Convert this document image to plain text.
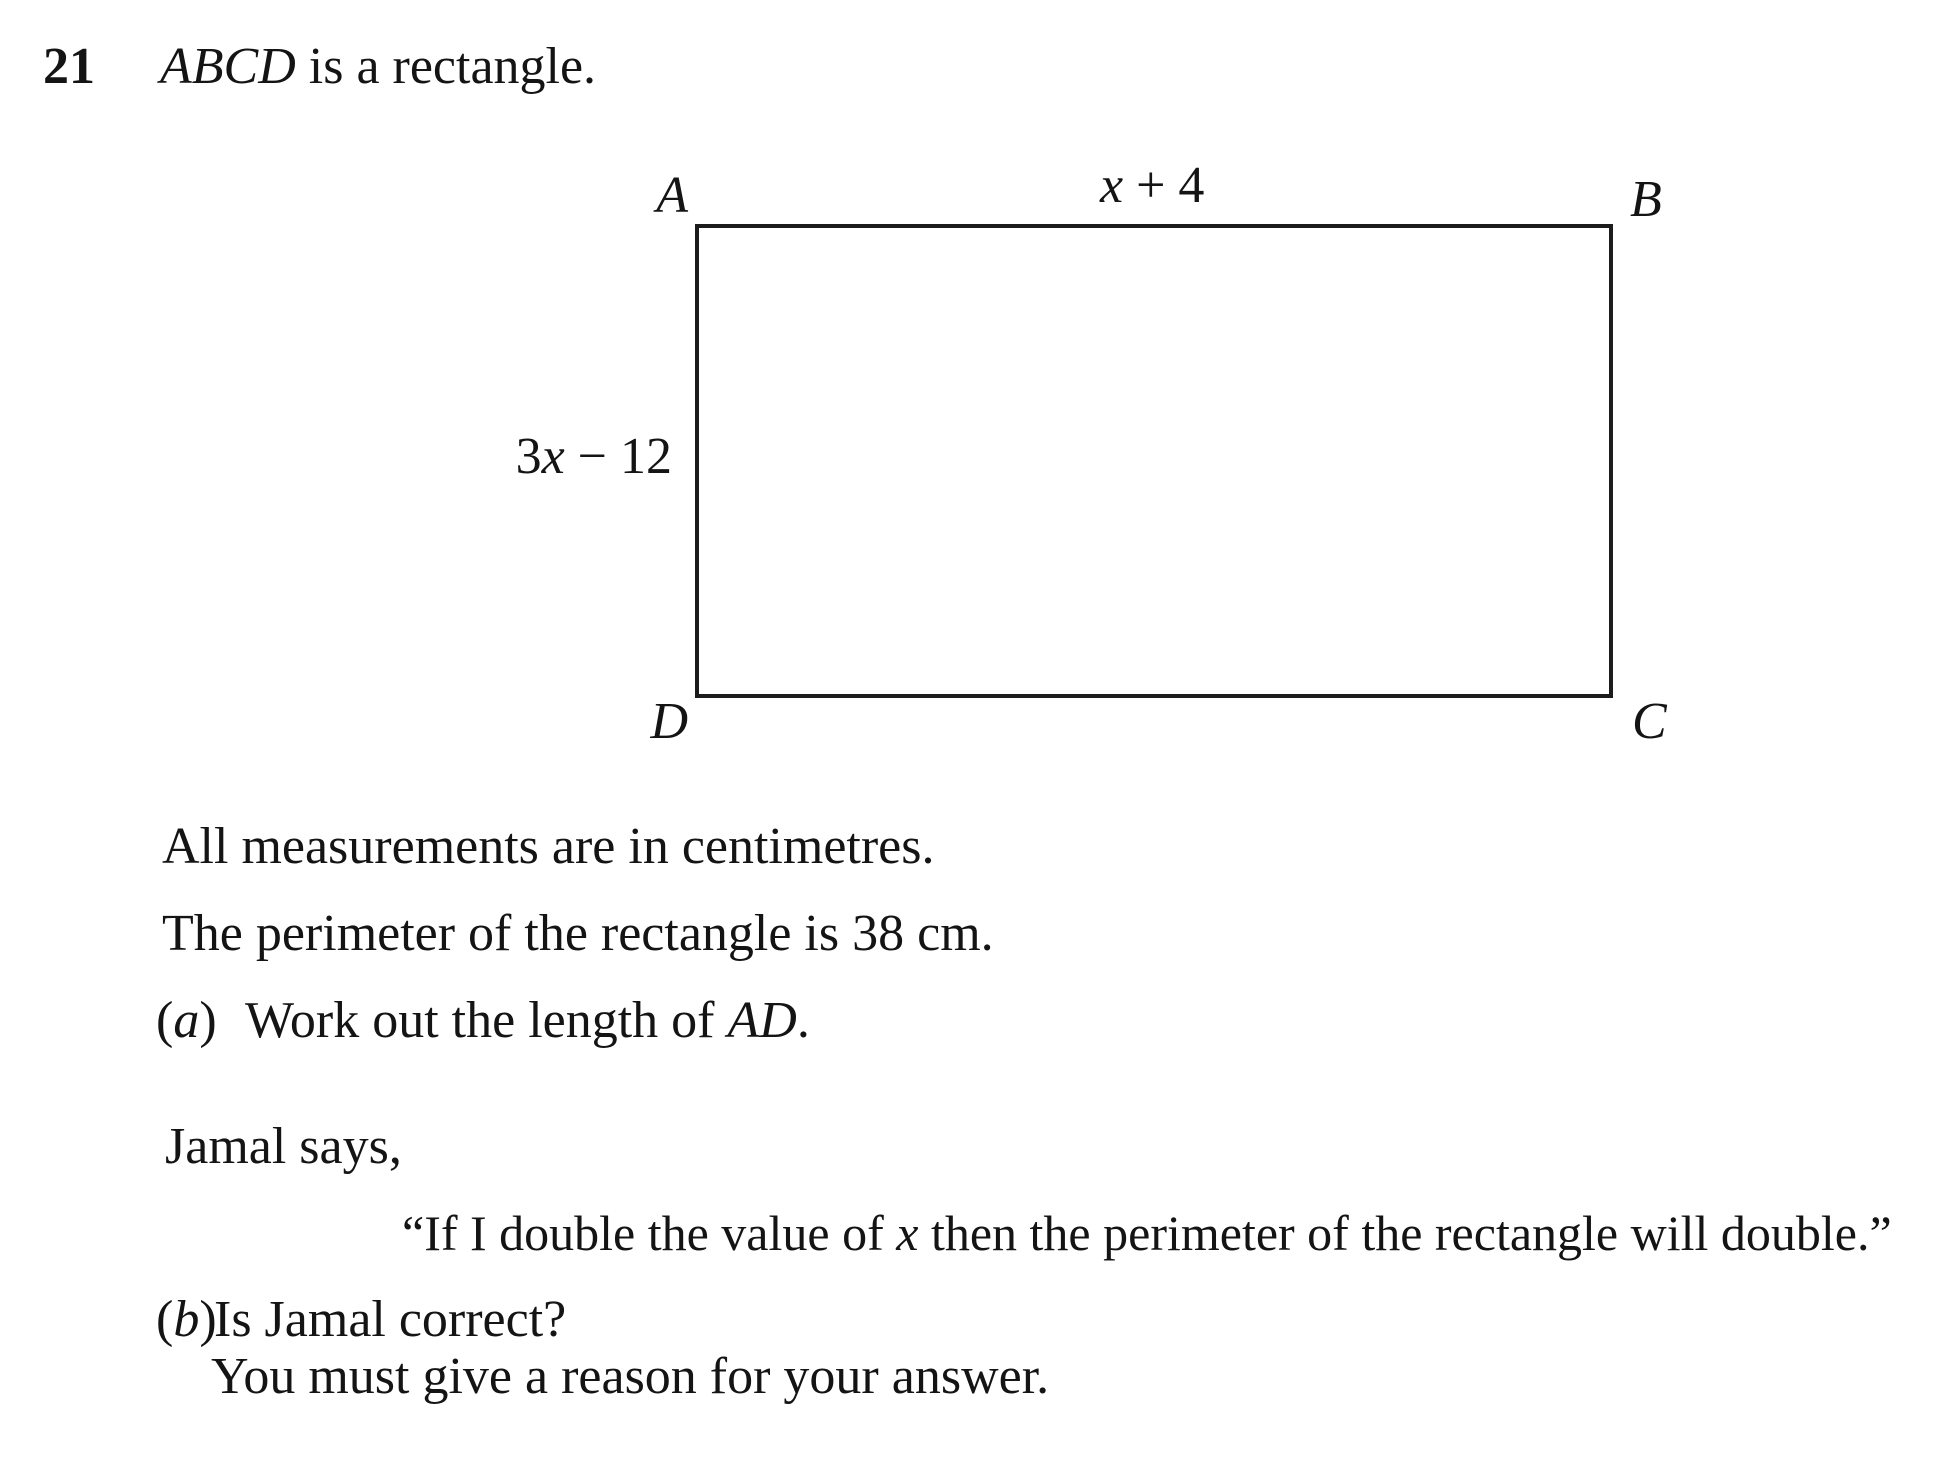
21 ABCD is a rectangle.
A	B
C
D
x + 4
3x − 12
All measurements are in centimetres.
The perimeter of the rectangle is 38 cm.
(a) Work out the length of AD.
Jamal says,
“If I double the value of x then the perimeter of the rectangle will double.”
(b)Is Jamal correct?
You must give a reason for your answer.
